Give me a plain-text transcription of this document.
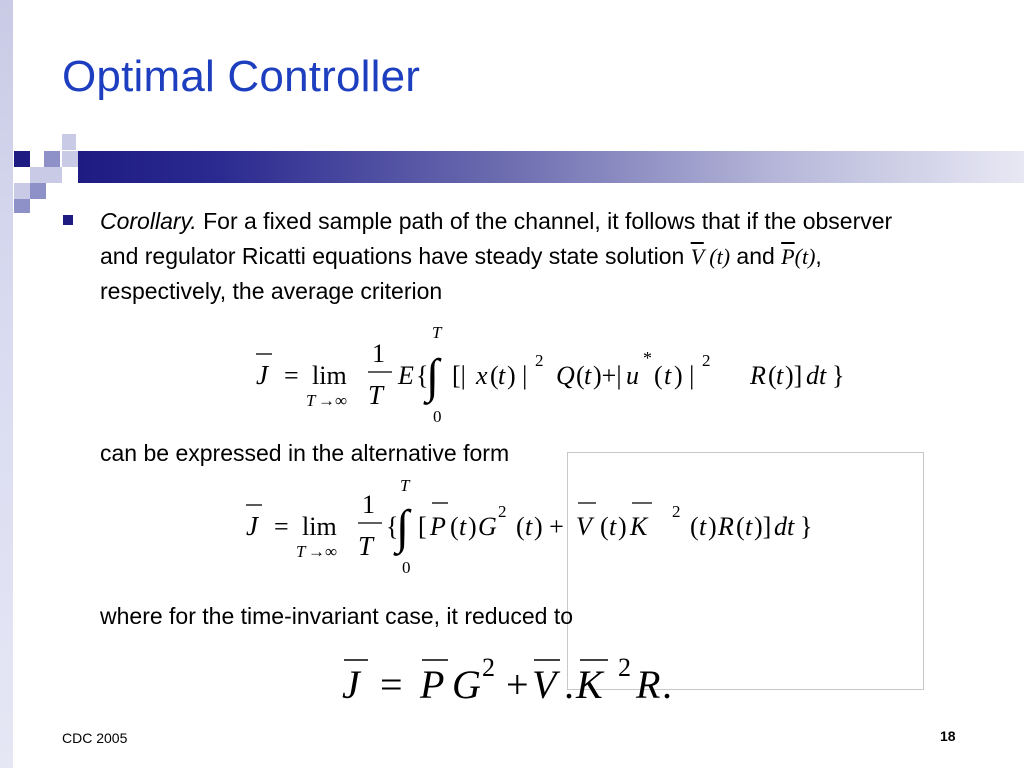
Optimal Controller
Corollary. For a fixed sample path of the channel, it follows that if the observer and regulator Ricatti equations have steady state solution $\overline{V}$ (t) and $\overline{P}(t)$, respectively, the average criterion
J = lim
T →∞
1
T
E {
∫
T
0
[| x ( t ) |
2
Q ( t )+| u
*
( t ) |
2
R ( t )] dt }
can be expressed in the alternative form
J = lim
T →∞
1
T
{
∫
T
0
[ P ( t ) G
2
( t ) + V ( t ) K
2
( t ) R ( t )] dt }
where for the time-invariant case, it reduced to
J = P G 2 + V . K 2 R .
CDC 2005	18
